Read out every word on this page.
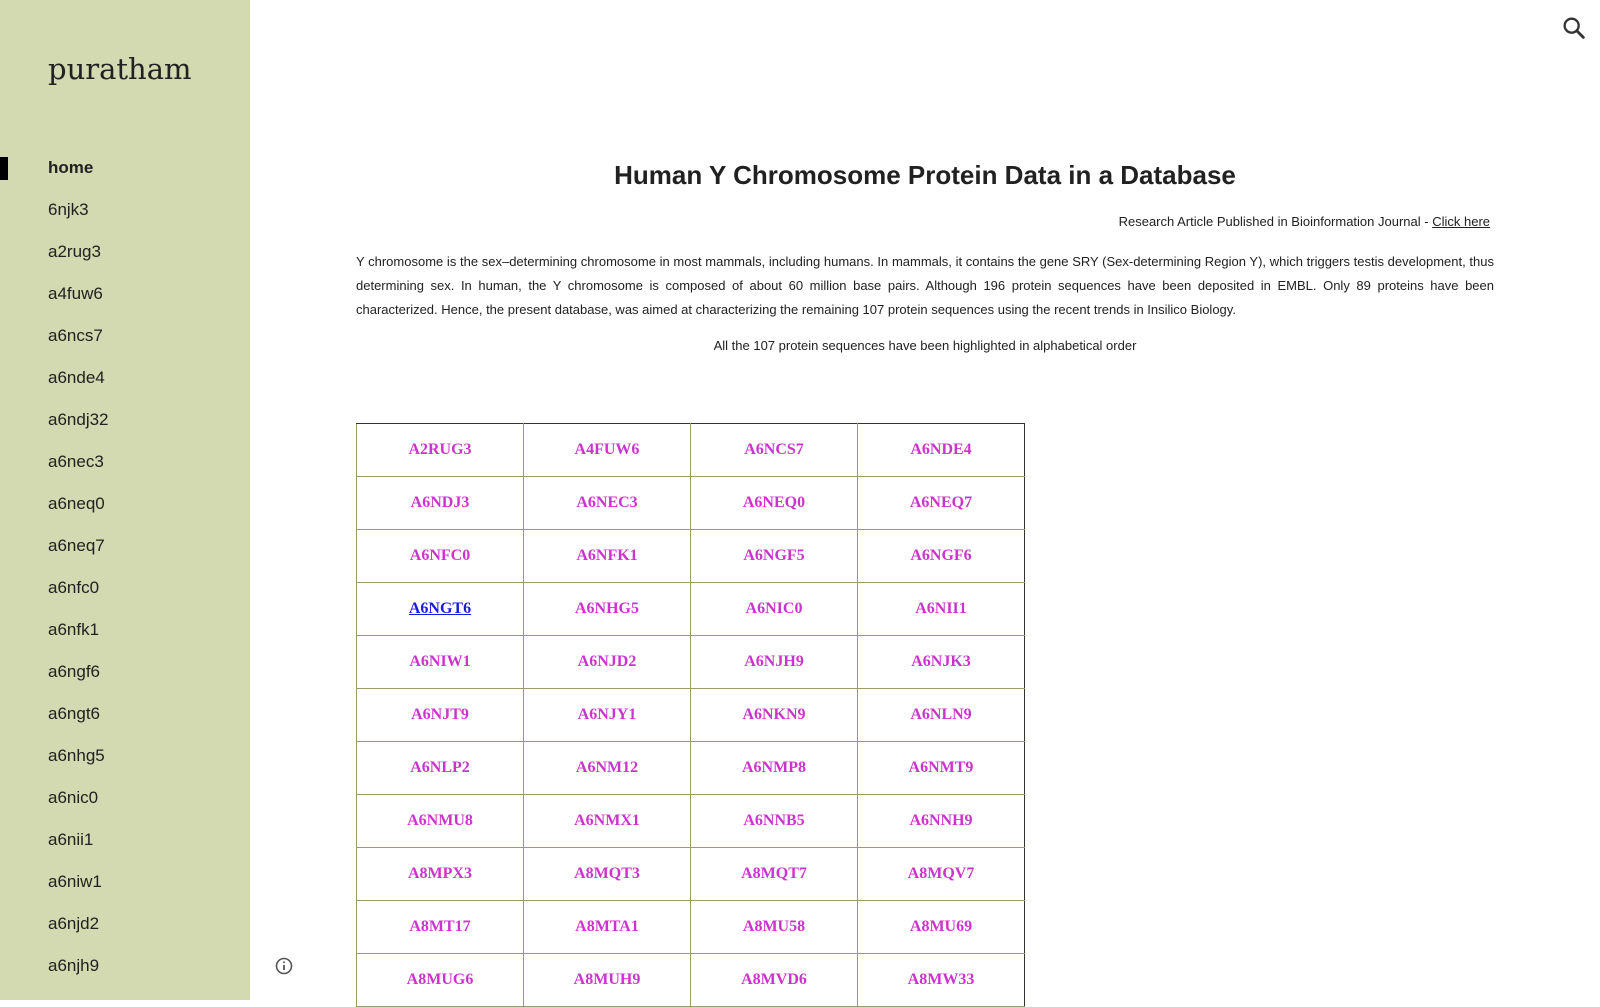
puratham
home
6njk3
a2rug3
a4fuw6
a6ncs7
a6nde4
a6ndj32
a6nec3
a6neq0
a6neq7
a6nfc0
a6nfk1
a6ngf6
a6ngt6
a6nhg5
a6nic0
a6nii1
a6niw1
a6njd2
a6njh9
Human Y Chromosome Protein Data in a Database
Research Article Published in Bioinformation Journal - Click here

Y chromosome is the sex–determining chromosome in most mammals, including humans. In mammals, it contains the gene SRY (Sex-determining Region Y), which triggers testis development, thus determining sex. In human, the Y chromosome is composed of about 60 million base pairs. Although 196 protein sequences have been deposited in EMBL. Only 89 proteins have been characterized. Hence, the present database, was aimed at characterizing the remaining 107 protein sequences using the recent trends in Insilico Biology.

All the 107 protein sequences have been highlighted in alphabetical order
A2RUG3	A4FUW6	A6NCS7	A6NDE4
A6NDJ3	A6NEC3	A6NEQ0	A6NEQ7
A6NFC0	A6NFK1	A6NGF5	A6NGF6
A6NGT6	A6NHG5	A6NIC0	A6NII1
A6NIW1	A6NJD2	A6NJH9	A6NJK3
A6NJT9	A6NJY1	A6NKN9	A6NLN9
A6NLP2	A6NM12	A6NMP8	A6NMT9
A6NMU8	A6NMX1	A6NNB5	A6NNH9
A8MPX3	A8MQT3	A8MQT7	A8MQV7
A8MT17	A8MTA1	A8MU58	A8MU69
A8MUG6	A8MUH9	A8MVD6	A8MW33
